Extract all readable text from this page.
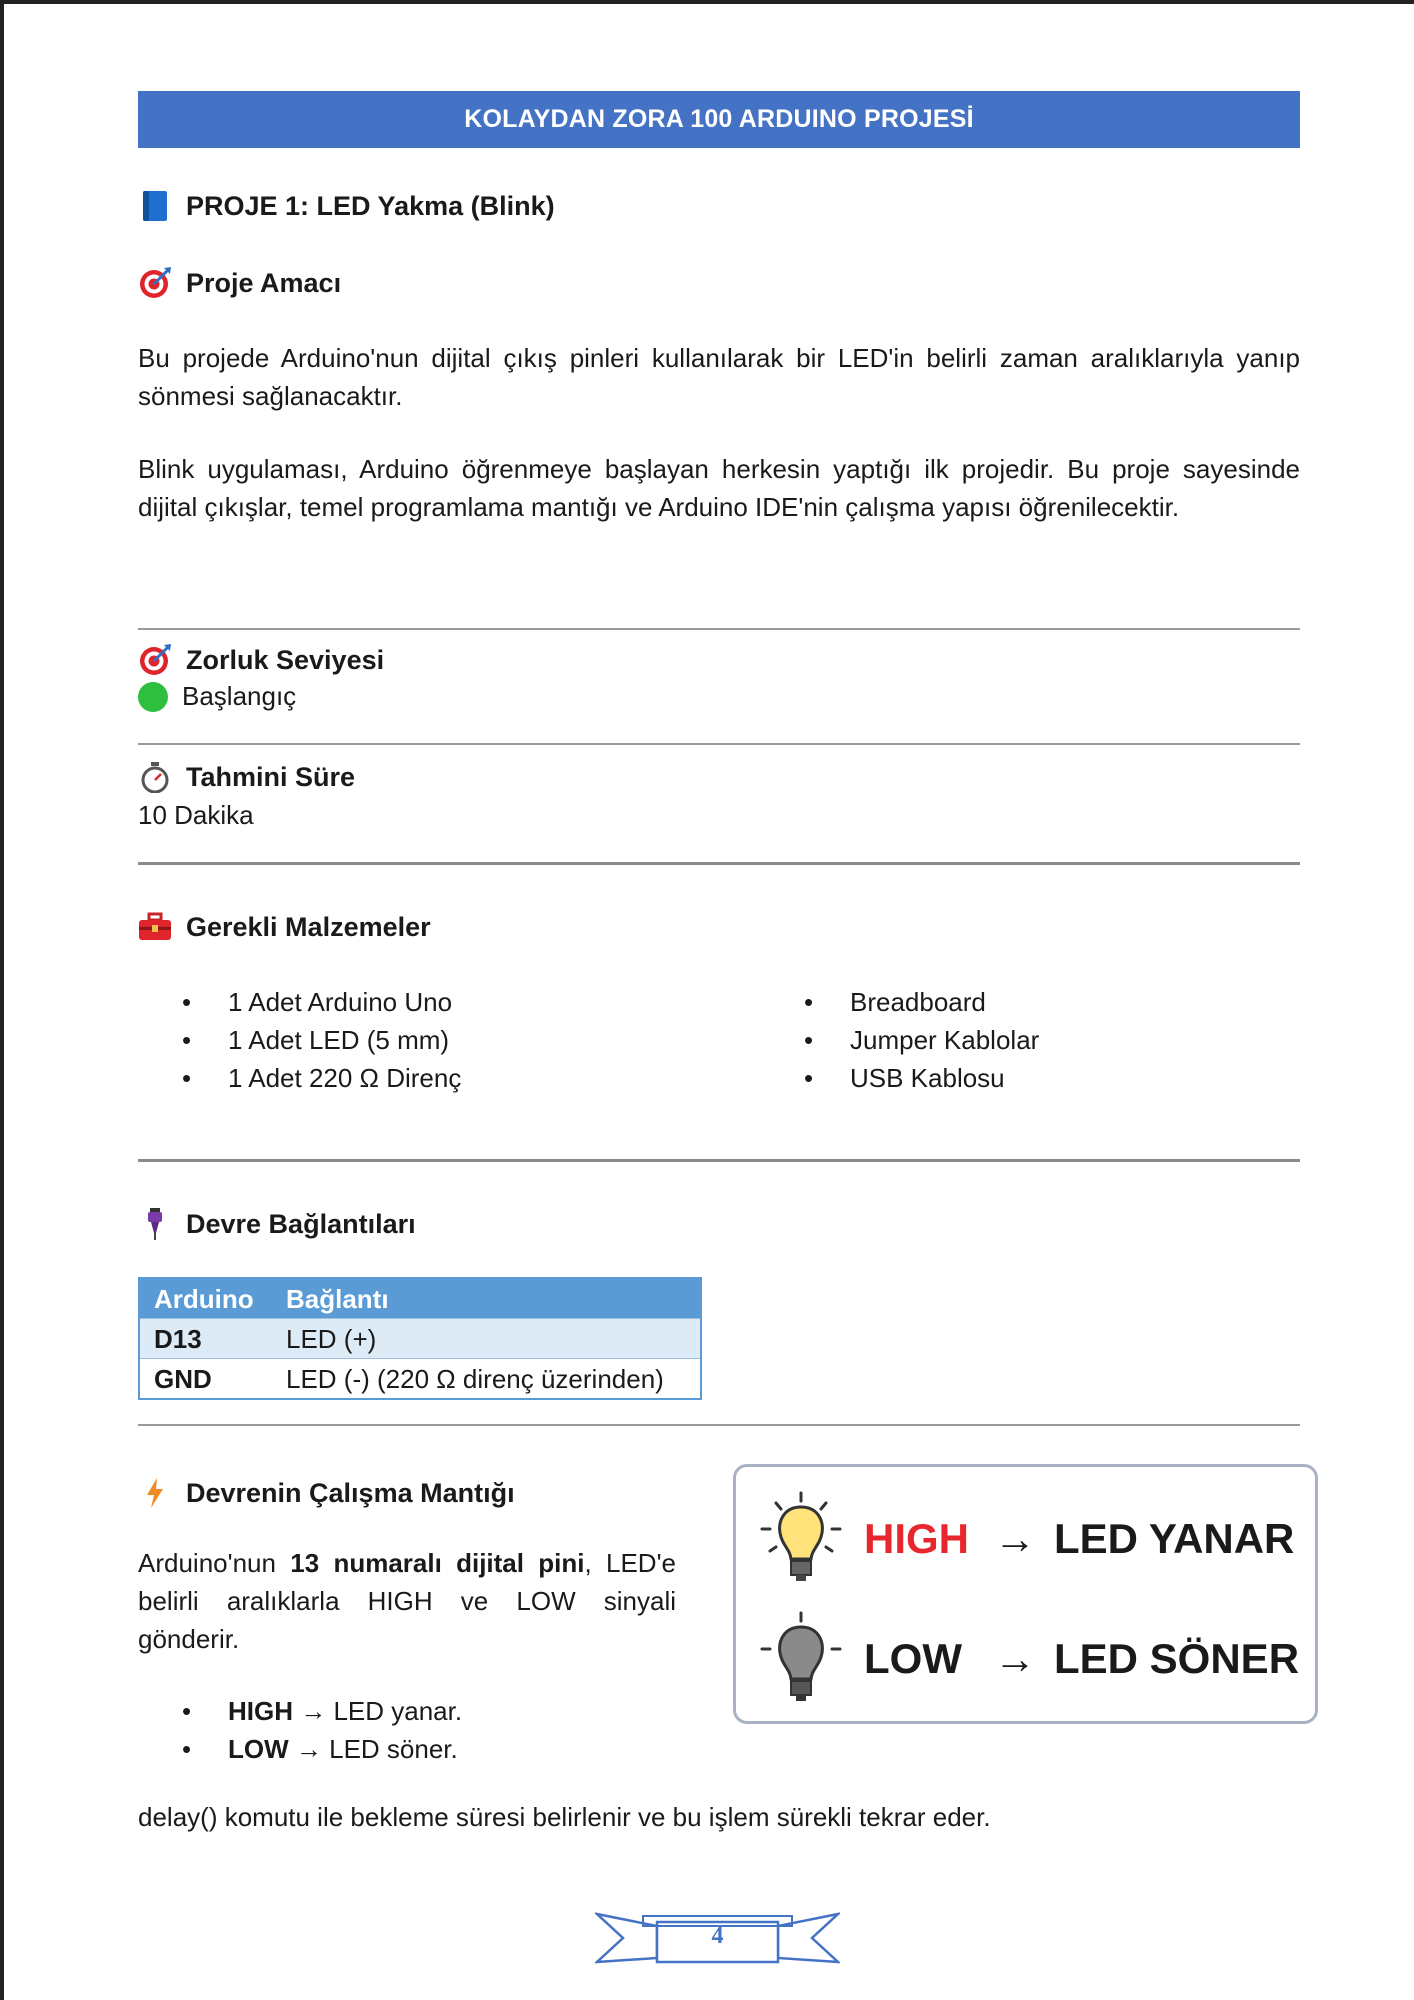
KOLAYDAN ZORA 100 ARDUINO PROJESİ
PROJE 1: LED Yakma (Blink)
Proje Amacı
Bu projede Arduino'nun dijital çıkış pinleri kullanılarak bir LED'in belirli zaman aralıklarıyla yanıp sönmesi sağlanacaktır.
Blink uygulaması, Arduino öğrenmeye başlayan herkesin yaptığı ilk projedir. Bu proje sayesinde dijital çıkışlar, temel programlama mantığı ve Arduino IDE'nin çalışma yapısı öğrenilecektir.
Zorluk Seviyesi
Başlangıç
Tahmini Süre
10 Dakika
Gerekli Malzemeler
• 1 Adet Arduino Uno
• 1 Adet LED (5 mm)
• 1 Adet 220 Ω Direnç
• Breadboard
• Jumper Kablolar
• USB Kablosu
Devre Bağlantıları
Arduino	Bağlantı
D13	LED (+)
GND	LED (-) (220 Ω direnç üzerinden)
Devrenin Çalışma Mantığı
Arduino'nun 13 numaralı dijital pini, LED'e belirli aralıklarla HIGH ve LOW sinyali gönderir.
• HIGH → LED yanar.
• LOW → LED söner.
delay() komutu ile bekleme süresi belirlenir ve bu işlem sürekli tekrar eder.
HIGH → LED YANAR
LOW → LED SÖNER
4
